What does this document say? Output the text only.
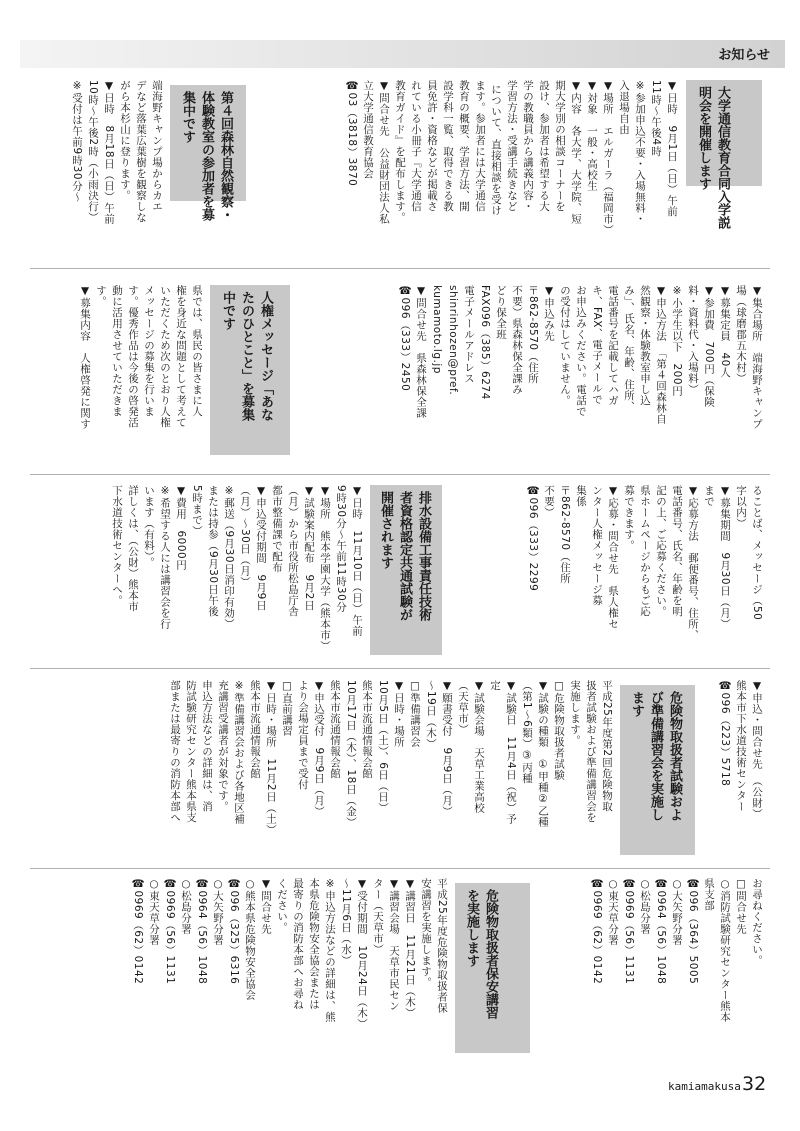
お知らせ
大学通信教育合同入学説
明会を開催します
▼日時　9月1日（日）午前
11時〜午後4時
※参加申込不要・入場無料・
入退場自由
▼場所　エルガーラ（福岡市）
▼対象　一般・高校生
▼内容　各大学、大学院、短
期大学別の相談コーナーを
設け、参加者は希望する大
学の教職員から講義内容・
学習方法・受講手続きなど
について、直接相談を受け
ます。参加者には大学通信
教育の概要、学習方法、開
設学科一覧、取得できる教
員免許・資格などが掲載さ
れている小冊子『大学通信
教育ガイド』を配布します。
▼問合せ先　公益財団法人私
立大学通信教育協会
☎03（3818）3870
第４回森林自然観察・
体験教室の参加者を募
集中です
端海野キャンプ場からカエ
デなど落葉広葉樹を観察しな
がら本杉山に登ります。
▼日時　8月18日（日）午前
10時〜午後2時（小雨決行）
※受付は午前9時30分〜
▼集合場所　端海野キャンプ
場（球磨郡五木村）
▼募集定員　40人
▼参加費　700円（保険
料・資料代・入場料）
※小学生以下　200円
▼申込方法　「第４回森林自
然観察・体験教室申し込
み」、氏名、年齢、住所、
電話番号を記載してハガ
キ、FAX、電子メールで
お申込みください。電話で
の受付はしていません。
▼申込み先
〒862‐8570（住所
不要）県森林保全課み
どり保全班
FAX096（385）6274
電子メールアドレス
shinrinhozen@pref.
kumamoto.lg.jp
▼問合せ先　県森林保全課
☎096（333）2450
人権メッセージ「あな
たのひとこと」を募集
中です
県では、県民の皆さまに人
権を身近な問題として考えて
いただくため次のとおり人権
メッセージの募集を行いま
す。優秀作品は今後の啓発活
動に活用させていただきま
す。
▼募集内容　人権啓発に関す
ることば、メッセージ（50
字以内）
▼募集期間　9月30日（月）
まで
▼応募方法　郵便番号、住所、
電話番号、氏名、年齢を明
記の上、ご応募ください。
県ホームページからもご応
募できます。
▼応募・問合せ先　県人権セ
ンター人権メッセージ募
集係
〒862‐8570（住所
不要）
☎096（333）2299
排水設備工事責任技術
者資格認定共通試験が
開催されます
▼日時　11月10日（日）午前
9時30分〜午前11時30分
▼場所　熊本学園大学（熊本市）
▼試験案内配布　9月2日
（月）から市役所松島庁舎
都市整備課で配布
▼申込受付期間　9月9日
（月）〜30日（月）
※郵送（9月30日消印有効）
または持参（9月30日午後
5時まで）
▼費用　6000円
※希望する人には講習会を行
います（有料）。
詳しくは、（公財）熊本市
下水道技術センターへ。
▼申込・問合せ先　（公財）
熊本市下水道技術センター
☎096（223）5718
危険物取扱者試験およ
び準備講習会を実施し
ます
平成25年度第2回危険物取
扱者試験および準備講習会を
実施します。
□危険物取扱者試験
▼試験の種類　①甲種②乙種
（第1〜6類）③丙種
▼試験日　11月4日（祝）予
定
▼試験会場　天草工業高校
（天草市）
▼願書受付　9月9日（月）
〜19日（木）
□準備講習会
▼日時・場所
10月5日（土）、6日（日）
熊本市流通情報会館
10月17日（木）、18日（金）
熊本市流通情報会館
▼申込受付　9月9日（月）
より会場定員まで受付
□直前講習
▼日時・場所　11月2日（土）
熊本市流通情報会館
※準備講習会および各地区補
充講習受講者が対象です。
申込方法などの詳細は、消
防試験研究センター熊本県支
部または最寄りの消防本部へ
お尋ねください。
□問合せ先
○消防試験研究センター熊本
県支部
☎096（364）5005
○大矢野分署
☎0964（56）1048
○松島分署
☎0969（56）1131
○東天草分署
☎0969（62）0142
危険物取扱者保安講習
を実施します
平成25年度危険物取扱者保
安講習を実施します。
▼講習日　11月21日（木）
▼講習会場　天草市民セン
ター（天草市）
▼受付期間　10月24日（木）
〜11月6日（水）
※申込方法などの詳細は、熊
本県危険物安全協会または
最寄りの消防本部へお尋ね
ください。
▼問合せ先
○熊本県危険物安全協会
☎096（325）6316
○大矢野分署
☎0964（56）1048
○松島分署
☎0969（56）1131
○東天草分署
☎0969（62）0142
kamiamakusa 32
